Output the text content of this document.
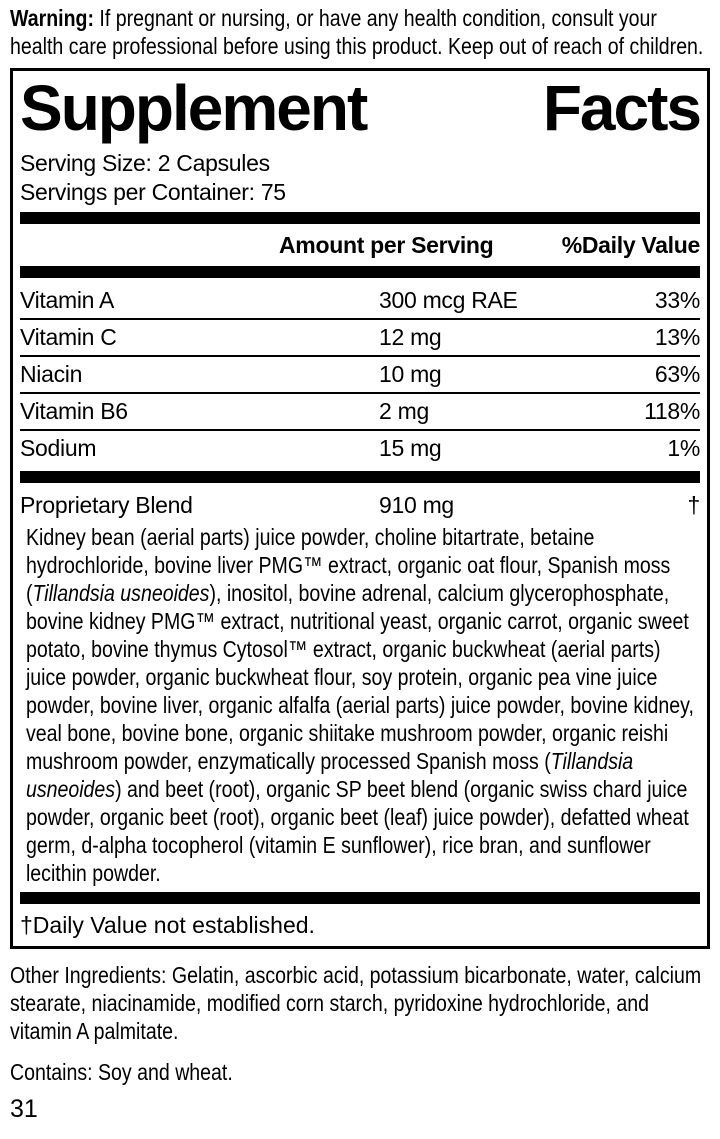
Warning: If pregnant or nursing, or have any health condition, consult your health care professional before using this product. Keep out of reach of children.

Supplement	Facts
Serving Size: 2 Capsules
Servings per Container: 75
Amount per Serving	%Daily Value
Vitamin A	300 mcg RAE	33%
Vitamin C	12 mg	13%
Niacin	10 mg	63%
Vitamin B6	2 mg	118%
Sodium	15 mg	1%
Proprietary Blend	910 mg	†

Kidney bean (aerial parts) juice powder, choline bitartrate, betaine hydrochloride, bovine liver PMG™ extract, organic oat flour, Spanish moss (Tillandsia usneoides), inositol, bovine adrenal, calcium glycerophosphate, bovine kidney PMG™ extract, nutritional yeast, organic carrot, organic sweet potato, bovine thymus Cytosol™ extract, organic buckwheat (aerial parts) juice powder, organic buckwheat flour, soy protein, organic pea vine juice powder, bovine liver, organic alfalfa (aerial parts) juice powder, bovine kidney, veal bone, bovine bone, organic shiitake mushroom powder, organic reishi mushroom powder, enzymatically processed Spanish moss (Tillandsia usneoides) and beet (root), organic SP beet blend (organic swiss chard juice powder, organic beet (root), organic beet (leaf) juice powder), defatted wheat germ, d-alpha tocopherol (vitamin E sunflower), rice bran, and sunflower lecithin powder.

†Daily Value not established.

Other Ingredients: Gelatin, ascorbic acid, potassium bicarbonate, water, calcium stearate, niacinamide, modified corn starch, pyridoxine hydrochloride, and vitamin A palmitate.

Contains: Soy and wheat.

31
